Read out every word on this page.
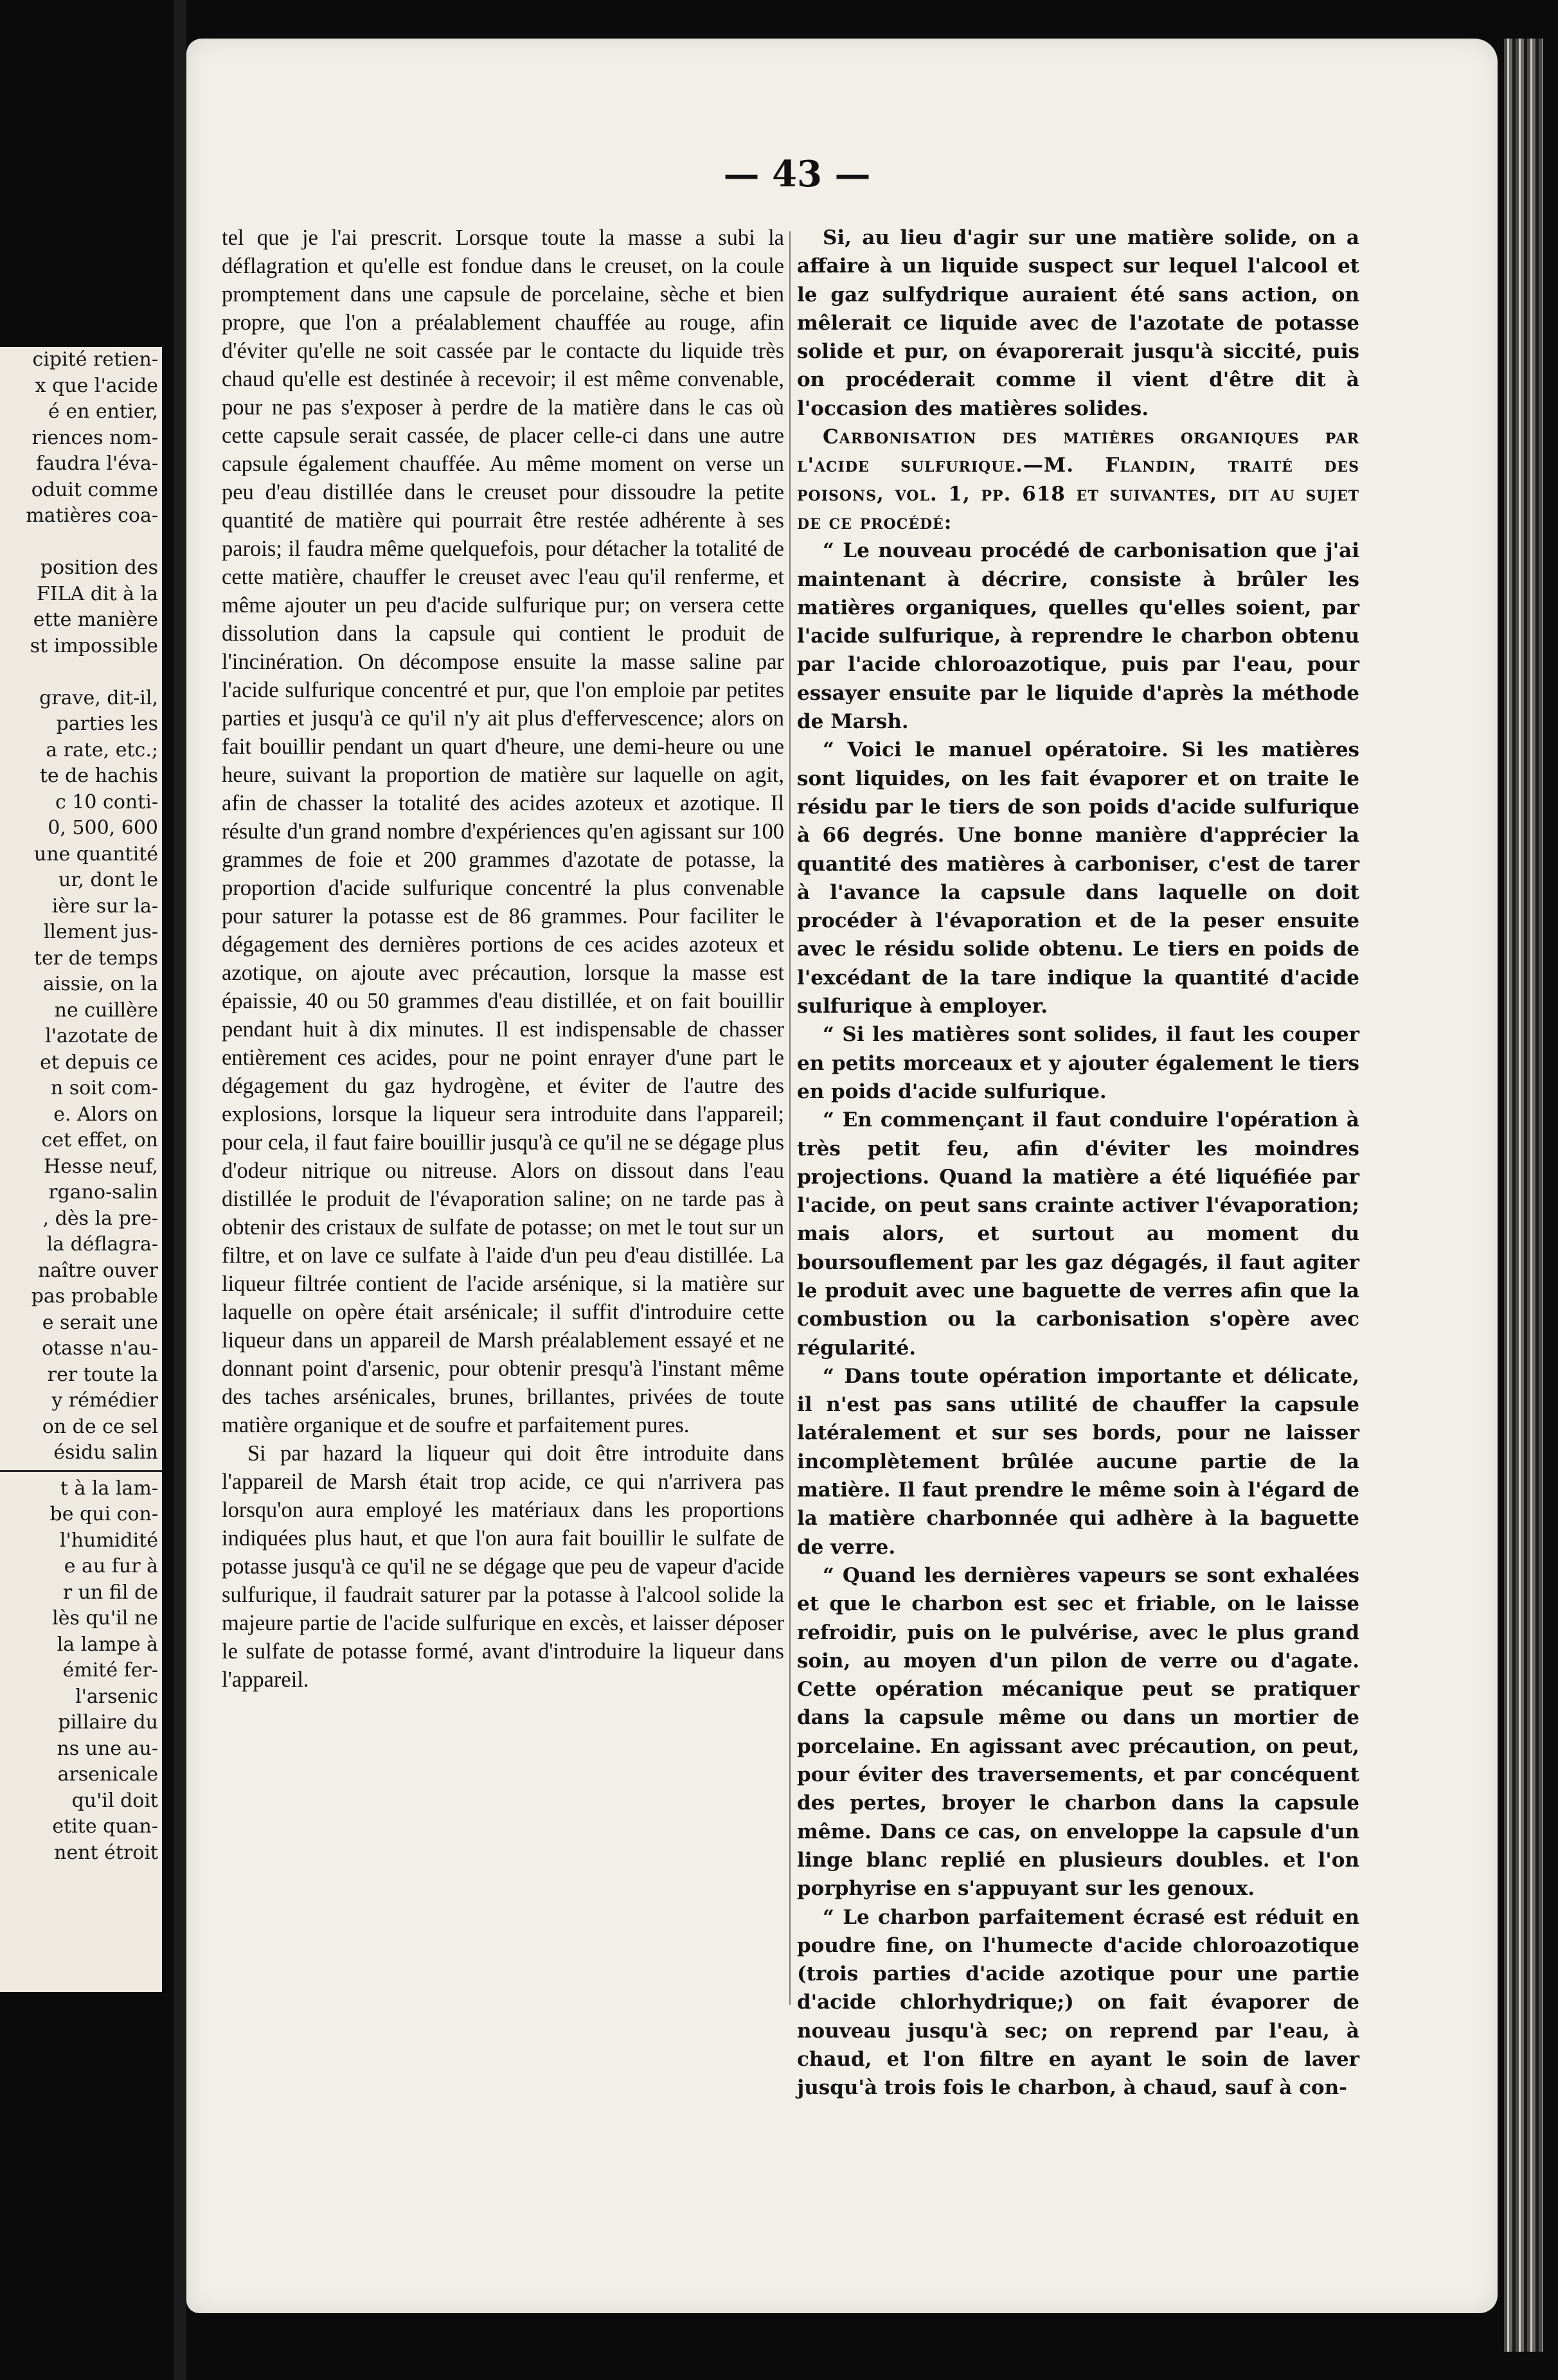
cipité retien-
x que l'acide
é en entier,
riences nom-
faudra l'éva-
oduit comme
matières coa-

position des
FILA dit à la
ette manière
st impossible

grave, dit-il,
parties les
a rate, etc.;
te de hachis
c 10 conti-
0, 500, 600
une quantité
ur, dont le
ière sur la-
llement jus-
ter de temps
aissie, on la
ne cuillère
l'azotate de
et depuis ce
n soit com-
e. Alors on
cet effet, on
Hesse neuf,
rgano-salin
, dès la pre-
la déflagra-
naître ouver
pas probable
e serait une
otasse n'au-
rer toute la
y rémédier
on de ce sel
ésidu salin
t à la lam-
be qui con-
l'humidité
e au fur à
r un fil de
lès qu'il ne
la lampe à
émité fer-
l'arsenic
pillaire du
ns une au-
arsenicale
qu'il doit
etite quan-
nent étroit
— 43 —

tel que je l'ai prescrit. Lorsque toute la masse a subi la déflagration et qu'elle est fondue dans le creuset, on la coule promptement dans une capsule de porcelaine, sèche et bien propre, que l'on a préalablement chauffée au rouge, afin d'éviter qu'elle ne soit cassée par le contacte du liquide très chaud qu'elle est destinée à recevoir; il est même convenable, pour ne pas s'exposer à perdre de la matière dans le cas où cette capsule serait cassée, de placer celle-ci dans une autre capsule également chauffée. Au même moment on verse un peu d'eau distillée dans le creuset pour dissoudre la petite quantité de matière qui pourrait être restée adhérente à ses parois; il faudra même quelquefois, pour détacher la totalité de cette matière, chauffer le creuset avec l'eau qu'il renferme, et même ajouter un peu d'acide sulfurique pur; on versera cette dissolution dans la capsule qui contient le produit de l'incinération. On décompose ensuite la masse saline par l'acide sulfurique concentré et pur, que l'on emploie par petites parties et jusqu'à ce qu'il n'y ait plus d'effervescence; alors on fait bouillir pendant un quart d'heure, une demi-heure ou une heure, suivant la proportion de matière sur laquelle on agit, afin de chasser la totalité des acides azoteux et azotique. Il résulte d'un grand nombre d'expériences qu'en agissant sur 100 grammes de foie et 200 grammes d'azotate de potasse, la proportion d'acide sulfurique concentré la plus convenable pour saturer la potasse est de 86 grammes. Pour faciliter le dégagement des dernières portions de ces acides azoteux et azotique, on ajoute avec précaution, lorsque la masse est épaissie, 40 ou 50 grammes d'eau distillée, et on fait bouillir pendant huit à dix minutes. Il est indispensable de chasser entièrement ces acides, pour ne point enrayer d'une part le dégagement du gaz hydrogène, et éviter de l'autre des explosions, lorsque la liqueur sera introduite dans l'appareil; pour cela, il faut faire bouillir jusqu'à ce qu'il ne se dégage plus d'odeur nitrique ou nitreuse. Alors on dissout dans l'eau distillée le produit de l'évaporation saline; on ne tarde pas à obtenir des cristaux de sulfate de potasse; on met le tout sur un filtre, et on lave ce sulfate à l'aide d'un peu d'eau distillée. La liqueur filtrée contient de l'acide arsénique, si la matière sur laquelle on opère était arsénicale; il suffit d'introduire cette liqueur dans un appareil de Marsh préalablement essayé et ne donnant point d'arsenic, pour obtenir presqu'à l'instant même des taches arsénicales, brunes, brillantes, privées de toute matière organique et de soufre et parfaitement pures.

Si par hazard la liqueur qui doit être introduite dans l'appareil de Marsh était trop acide, ce qui n'arrivera pas lorsqu'on aura employé les matériaux dans les proportions indiquées plus haut, et que l'on aura fait bouillir le sulfate de potasse jusqu'à ce qu'il ne se dégage que peu de vapeur d'acide sulfurique, il faudrait saturer par la potasse à l'alcool solide la majeure partie de l'acide sulfurique en excès, et laisser déposer le sulfate de potasse formé, avant d'introduire la liqueur dans l'appareil.

Si, au lieu d'agir sur une matière solide, on a affaire à un liquide suspect sur lequel l'alcool et le gaz sulfydrique auraient été sans action, on mêlerait ce liquide avec de l'azotate de potasse solide et pur, on évaporerait jusqu'à siccité, puis on procéderait comme il vient d'être dit à l'occasion des matières solides.

Carbonisation des matières organiques par l'acide sulfurique.—M. Flandin, traité des poisons, vol. 1, pp. 618 et suivantes, dit au sujet de ce procédé:

“ Le nouveau procédé de carbonisation que j'ai maintenant à décrire, consiste à brûler les matières organiques, quelles qu'elles soient, par l'acide sulfurique, à reprendre le charbon obtenu par l'acide chloroazotique, puis par l'eau, pour essayer ensuite par le liquide d'après la méthode de Marsh.

“ Voici le manuel opératoire. Si les matières sont liquides, on les fait évaporer et on traite le résidu par le tiers de son poids d'acide sulfurique à 66 degrés. Une bonne manière d'apprécier la quantité des matières à carboniser, c'est de tarer à l'avance la capsule dans laquelle on doit procéder à l'évaporation et de la peser ensuite avec le résidu solide obtenu. Le tiers en poids de l'excédant de la tare indique la quantité d'acide sulfurique à employer.

“ Si les matières sont solides, il faut les couper en petits morceaux et y ajouter également le tiers en poids d'acide sulfurique.

“ En commençant il faut conduire l'opération à très petit feu, afin d'éviter les moindres projections. Quand la matière a été liquéfiée par l'acide, on peut sans crainte activer l'évaporation; mais alors, et surtout au moment du boursouflement par les gaz dégagés, il faut agiter le produit avec une baguette de verres afin que la combustion ou la carbonisation s'opère avec régularité.

“ Dans toute opération importante et délicate, il n'est pas sans utilité de chauffer la capsule latéralement et sur ses bords, pour ne laisser incomplètement brûlée aucune partie de la matière. Il faut prendre le même soin à l'égard de la matière charbonnée qui adhère à la baguette de verre.

“ Quand les dernières vapeurs se sont exhalées et que le charbon est sec et friable, on le laisse refroidir, puis on le pulvérise, avec le plus grand soin, au moyen d'un pilon de verre ou d'agate. Cette opération mécanique peut se pratiquer dans la capsule même ou dans un mortier de porcelaine. En agissant avec précaution, on peut, pour éviter des traversements, et par concéquent des pertes, broyer le charbon dans la capsule même. Dans ce cas, on enveloppe la capsule d'un linge blanc replié en plusieurs doubles. et l'on porphyrise en s'appuyant sur les genoux.

“ Le charbon parfaitement écrasé est réduit en poudre fine, on l'humecte d'acide chloroazotique (trois parties d'acide azotique pour une partie d'acide chlorhydrique;) on fait évaporer de nouveau jusqu'à sec; on reprend par l'eau, à chaud, et l'on filtre en ayant le soin de laver jusqu'à trois fois le charbon, à chaud, sauf à con-
